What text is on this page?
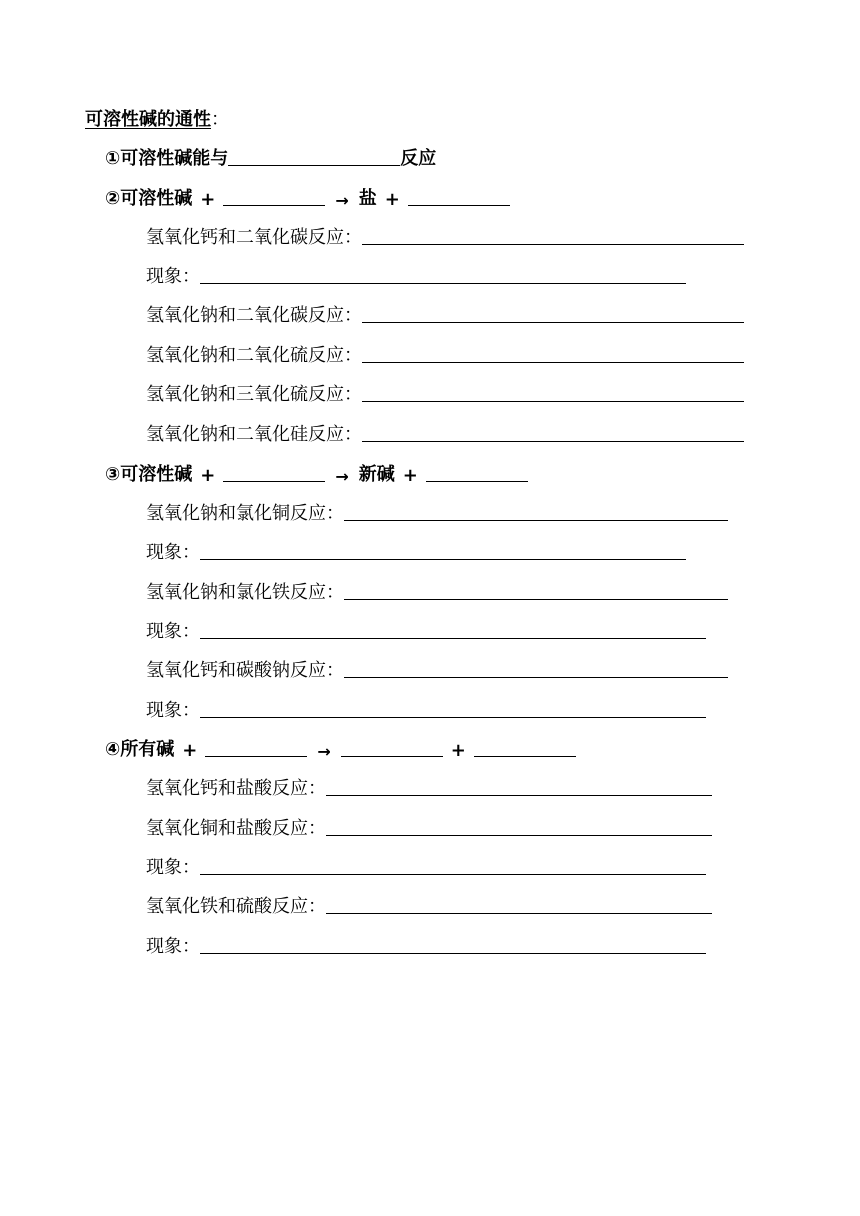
可溶性碱的通性 ：
①可溶性碱能与	反应
②可溶性碱 +	→ 盐 +
氢氧化钙和二氧化碳反应：
现象：
氢氧化钠和二氧化碳反应：
氢氧化钠和二氧化硫反应：
氢氧化钠和三氧化硫反应：
氢氧化钠和二氧化硅反应：
③可溶性碱 +	→ 新碱 +
氢氧化钠和氯化铜反应：
现象：
氢氧化钠和氯化铁反应：
现象：
氢氧化钙和碳酸钠反应：
现象：
④所有碱 +	→	+
氢氧化钙和盐酸反应：
氢氧化铜和盐酸反应：
现象：
氢氧化铁和硫酸反应：
现象：
